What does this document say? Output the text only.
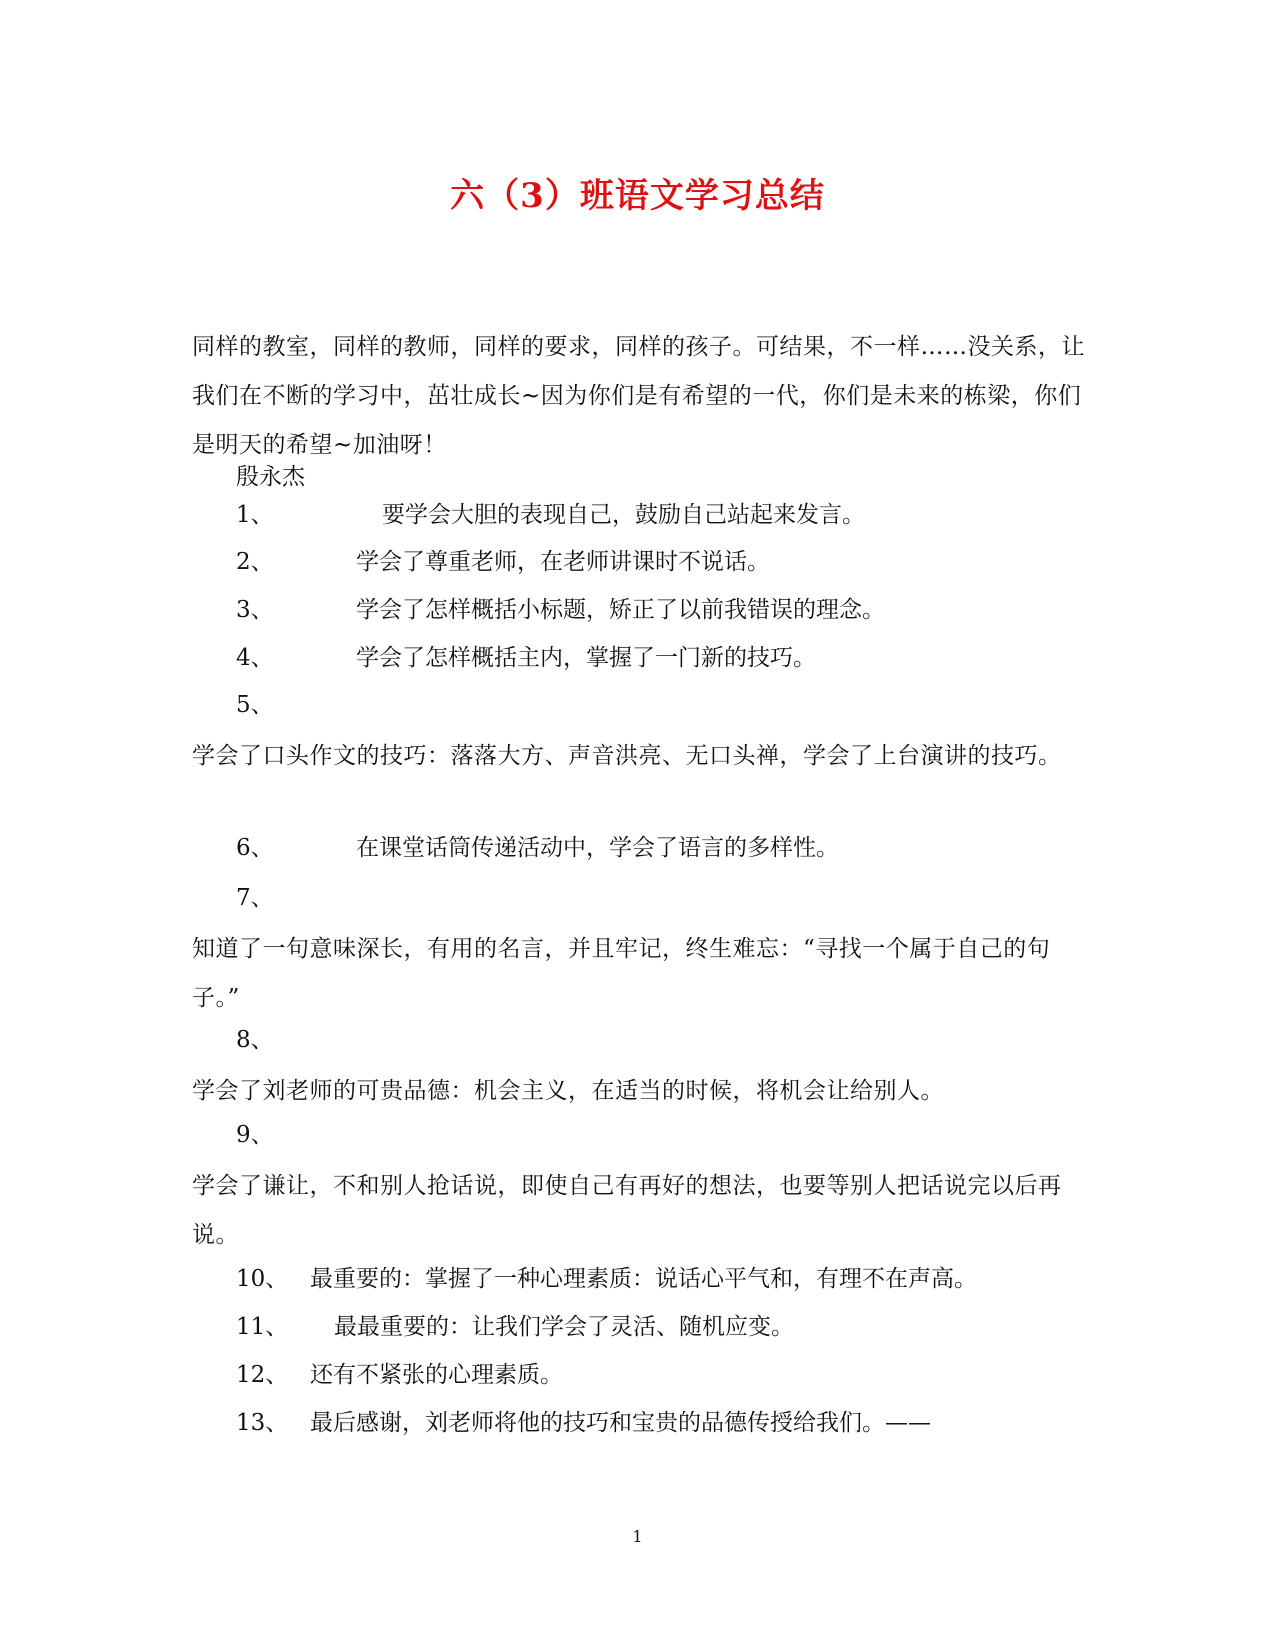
六（3）班语文学习总结
同样的教室，同样的教师，同样的要求，同样的孩子。可结果，不一样……没关系，让我们在不断的学习中，茁壮成长~因为你们是有希望的一代，你们是未来的栋梁，你们是明天的希望~加油呀！
殷永杰
1、	要学会大胆的表现自己，鼓励自己站起来发言。
2、	学会了尊重老师，在老师讲课时不说话。
3、	学会了怎样概括小标题，矫正了以前我错误的理念。
4、	学会了怎样概括主内，掌握了一门新的技巧。
5、
学会了口头作文的技巧：落落大方、声音洪亮、无口头禅，学会了上台演讲的技巧。
6、	在课堂话筒传递活动中，学会了语言的多样性。
7、
知道了一句意味深长，有用的名言，并且牢记，终生难忘：“寻找一个属于自己的句子。”
8、
学会了刘老师的可贵品德：机会主义，在适当的时候，将机会让给别人。
9、
学会了谦让，不和别人抢话说，即使自己有再好的想法，也要等别人把话说完以后再说。
10、 最重要的：掌握了一种心理素质：说话心平气和，有理不在声高。
11、 最最重要的：让我们学会了灵活、随机应变。
12、 还有不紧张的心理素质。
13、 最后感谢，刘老师将他的技巧和宝贵的品德传授给我们。——
1
